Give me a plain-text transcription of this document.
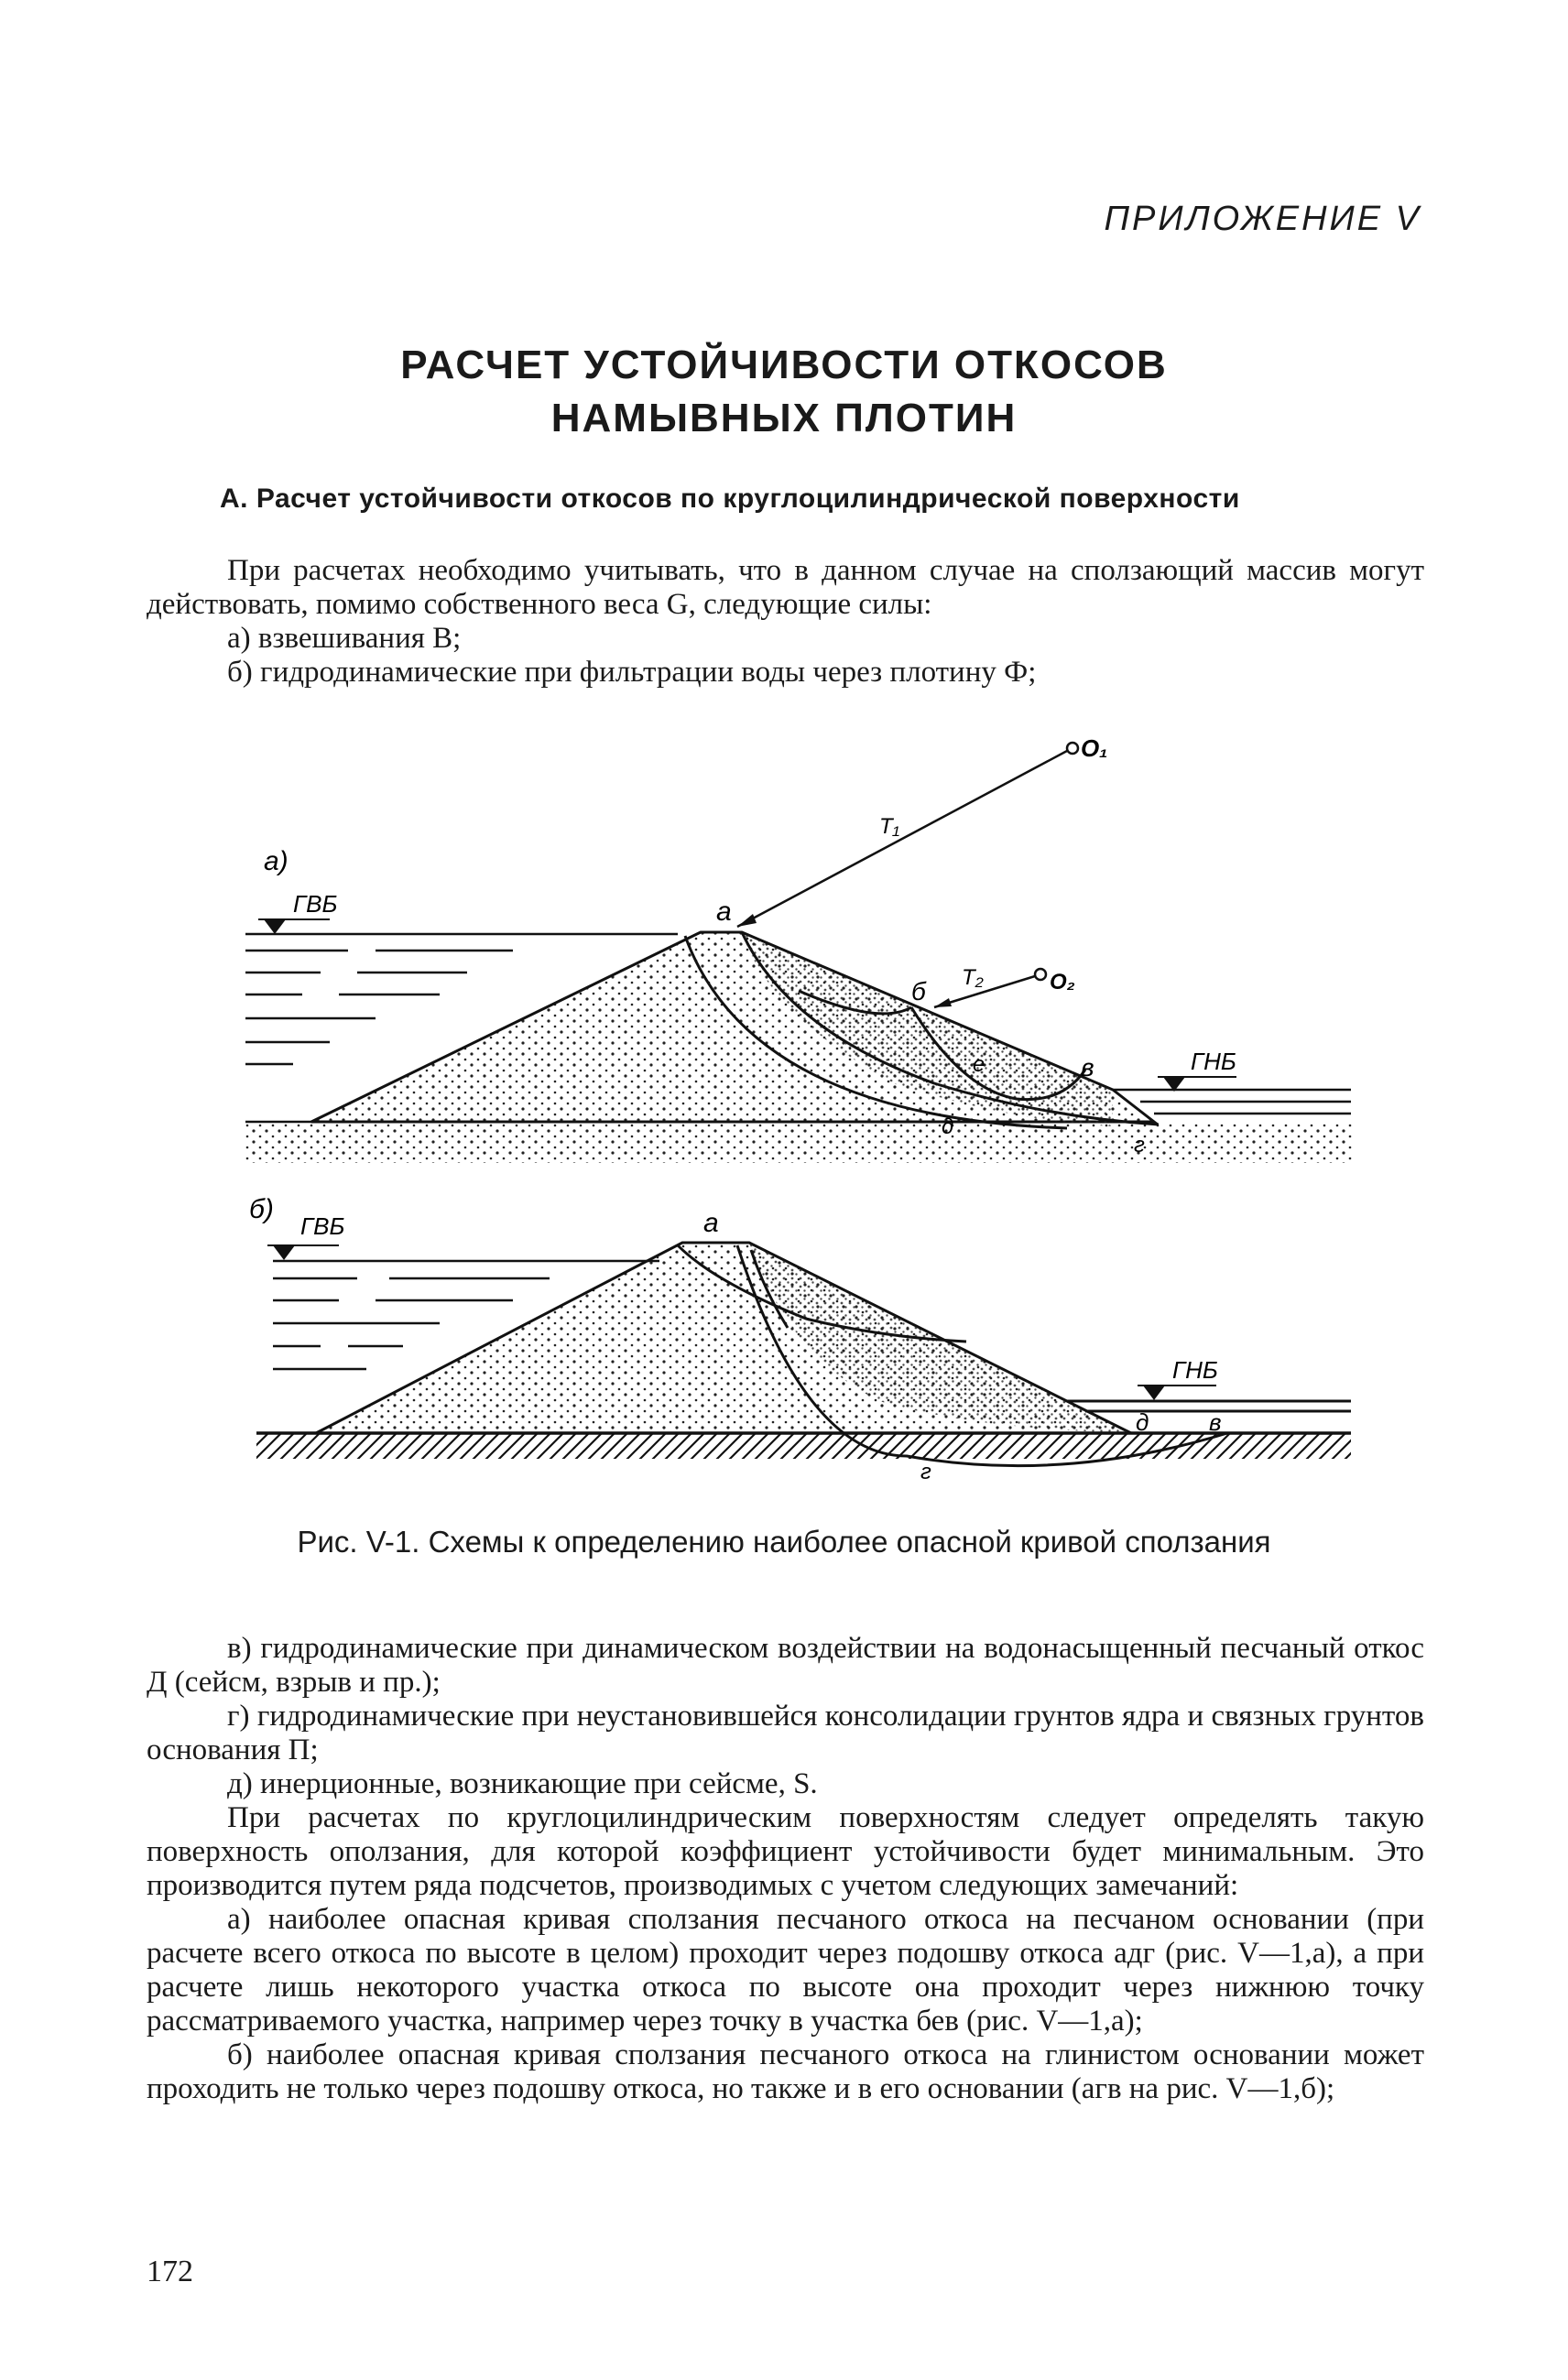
ПРИЛОЖЕНИЕ V
РАСЧЕТ УСТОЙЧИВОСТИ ОТКОСОВ
НАМЫВНЫХ ПЛОТИН
А. Расчет устойчивости откосов по круглоцилиндрической поверхности

При расчетах необходимо учитывать, что в данном случае на сползающий массив могут действовать, помимо собственного веса G, следующие силы:

а) взвешивания B;

б) гидродинамические при фильтрации воды через плотину Ф;

а)
O₁
T₁
O₂
T₂
а
б
в
е
д
г
ГВБ
ГНБ
б)	а
д	в
г
ГВБ
ГНБ
Рис. V-1. Схемы к определению наиболее опасной кривой сползания

в) гидродинамические при динамическом воздействии на водонасыщенный песчаный откос Д (сейсм, взрыв и пр.);

г) гидродинамические при неустановившейся консолидации грунтов ядра и связных грунтов основания П;

д) инерционные, возникающие при сейсме, S.

При расчетах по круглоцилиндрическим поверхностям следует определять такую поверхность оползания, для которой коэффициент устойчивости будет минимальным. Это производится путем ряда подсчетов, производимых с учетом следующих замечаний:

а) наиболее опасная кривая сползания песчаного откоса на песчаном основании (при расчете всего откоса по высоте в целом) проходит через подошву откоса адг (рис. V—1,а), а при расчете лишь некоторого участка откоса по высоте она проходит через нижнюю точку рассматриваемого участка, например через точку в участка бев (рис. V—1,а);

б) наиболее опасная кривая сползания песчаного откоса на глинистом основании может проходить не только через подошву откоса, но также и в его основании (агв на рис. V—1,б);

172
